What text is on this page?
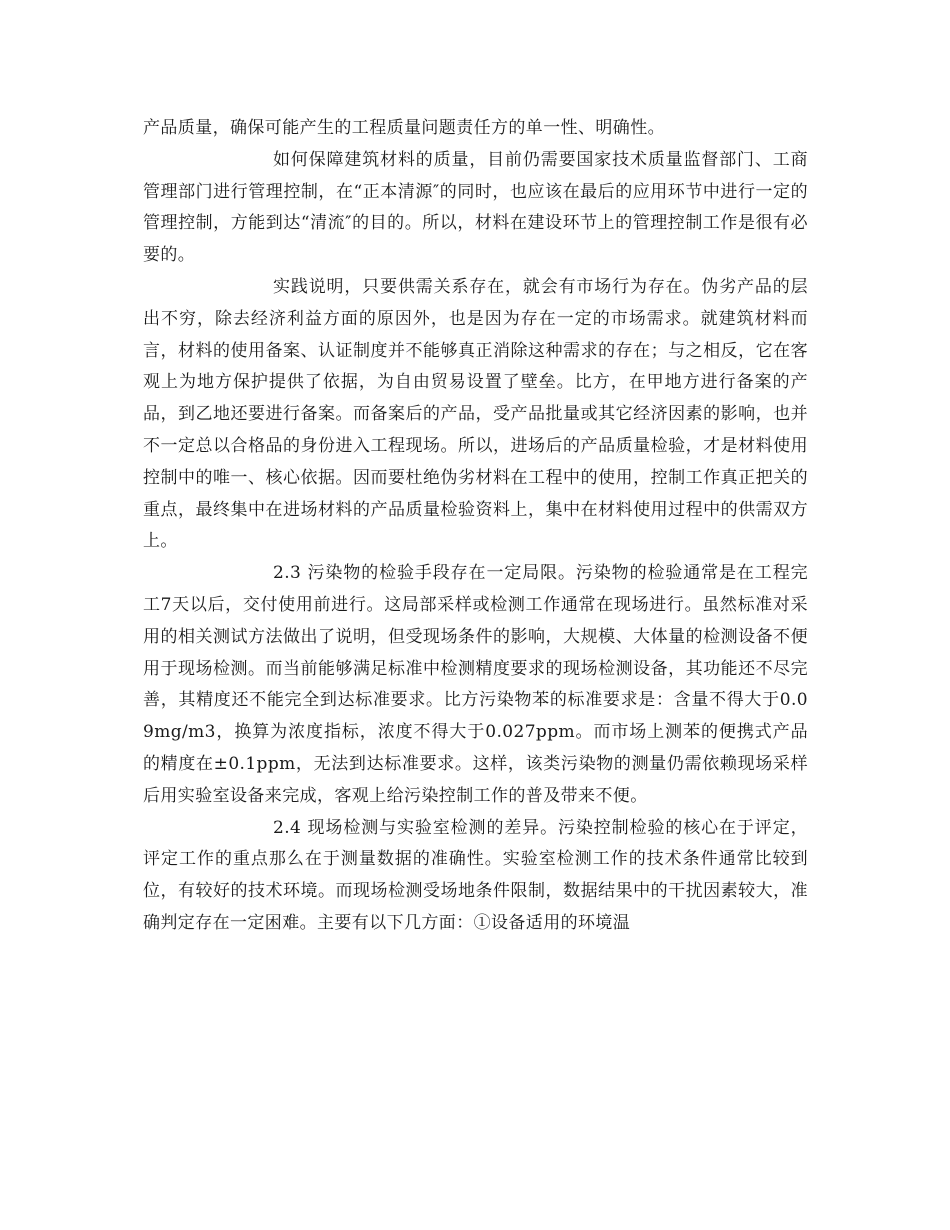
产品质量，确保可能产生的工程质量问题责任方的单一性、明确性。

如何保障建筑材料的质量，目前仍需要国家技术质量监督部门、工商管理部门进行管理控制，在“正本清源″的同时，也应该在最后的应用环节中进行一定的管理控制，方能到达“清流″的目的。所以，材料在建设环节上的管理控制工作是很有必要的。

实践说明，只要供需关系存在，就会有市场行为存在。伪劣产品的层出不穷，除去经济利益方面的原因外，也是因为存在一定的市场需求。就建筑材料而言，材料的使用备案、认证制度并不能够真正消除这种需求的存在；与之相反，它在客观上为地方保护提供了依据，为自由贸易设置了壁垒。比方，在甲地方进行备案的产品，到乙地还要进行备案。而备案后的产品，受产品批量或其它经济因素的影响，也并不一定总以合格品的身份进入工程现场。所以，进场后的产品质量检验，才是材料使用控制中的唯一、核心依据。因而要杜绝伪劣材料在工程中的使用，控制工作真正把关的重点，最终集中在进场材料的产品质量检验资料上，集中在材料使用过程中的供需双方上。

2.3 污染物的检验手段存在一定局限。污染物的检验通常是在工程完工7天以后，交付使用前进行。这局部采样或检测工作通常在现场进行。虽然标准对采用的相关测试方法做出了说明，但受现场条件的影响，大规模、大体量的检测设备不便用于现场检测。而当前能够满足标准中检测精度要求的现场检测设备，其功能还不尽完善，其精度还不能完全到达标准要求。比方污染物苯的标准要求是：含量不得大于0.09mg/m3，换算为浓度指标，浓度不得大于0.027ppm。而市场上测苯的便携式产品的精度在±0.1ppm，无法到达标准要求。这样，该类污染物的测量仍需依赖现场采样后用实验室设备来完成，客观上给污染控制工作的普及带来不便。

2.4 现场检测与实验室检测的差异。污染控制检验的核心在于评定，评定工作的重点那么在于测量数据的准确性。实验室检测工作的技术条件通常比较到位，有较好的技术环境。而现场检测受场地条件限制，数据结果中的干扰因素较大，准确判定存在一定困难。主要有以下几方面：①设备适用的环境温
